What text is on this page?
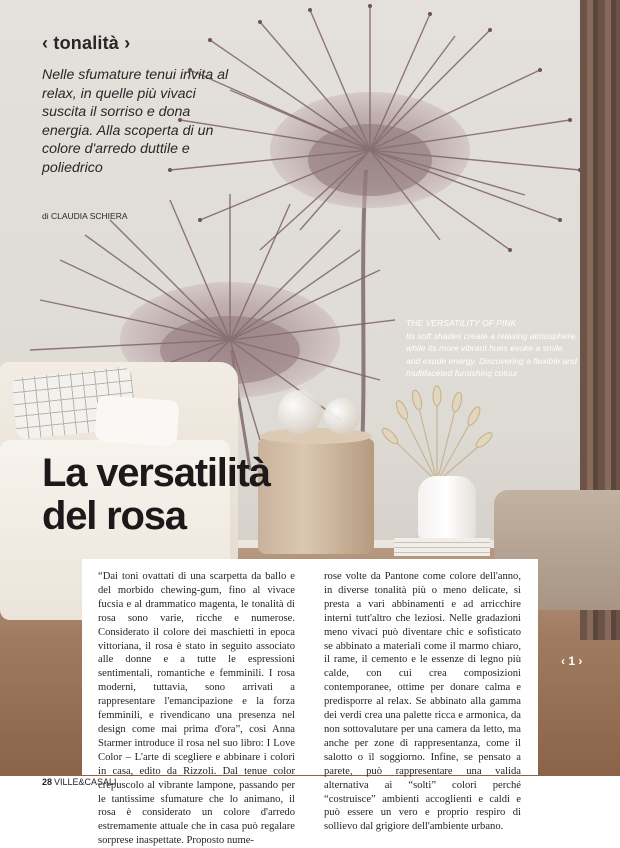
‹ tonalità ›

Nelle sfumature tenui invita al relax, in quelle più vivaci suscita il sorriso e dona energia. Alla scoperta di un colore d'arredo duttile e poliedrico

di CLAUDIA SCHIERA
THE VERSATILITY OF PINK
Its soft shades create a relaxing atmosphere, while its more vibrant hues evoke a smile and exude energy. Discovering a flexible and multifaceted furnishing colour
La versatilità
del rosa

“Dai toni ovattati di una scarpetta da ballo e del morbido chewing-gum, fino al vivace fucsia e al drammatico magenta, le tonalità di rosa sono varie, ricche e numerose. Considerato il colore dei maschietti in epoca vittoriana, il rosa è stato in seguito associato alle donne e a tutte le espressioni sentimentali, romantiche e femminili. I rosa moderni, tuttavia, sono arrivati a rappresentare l'emancipazione e la forza femminili, e rivendicano una presenza nel design come mai prima d'ora”, così Anna Starmer introduce il rosa nel suo libro: I Love Color – L'arte di scegliere e abbinare i colori in casa, edito da Rizzoli. Dal tenue color crepuscolo al vibrante lampone, passando per le tantissime sfumature che lo animano, il rosa è considerato un colore d'arredo estremamente attuale che in casa può regalare sorprese inaspettate. Proposto nume-

rose volte da Pantone come colore dell'anno, in diverse tonalità più o meno delicate, si presta a vari abbinamenti e ad arricchire interni tutt'altro che leziosi. Nelle gradazioni meno vivaci può diventare chic e sofisticato se abbinato a materiali come il marmo chiaro, il rame, il cemento e le essenze di legno più calde, con cui crea composizioni contemporanee, ottime per donare calma e predisporre al relax. Se abbinato alla gamma dei verdi crea una palette ricca e armonica, da non sottovalutare per una camera da letto, ma anche per zone di rappresentanza, come il salotto o il soggiorno. Infine, se pensato a parete, può rappresentare una valida alternativa ai “solti” colori perché “costruisce” ambienti accoglienti e caldi e può essere un vero e proprio respiro di sollievo dal grigiore dell'ambiente urbano.

‹ 1 ›
28 VILLE&CASALI
